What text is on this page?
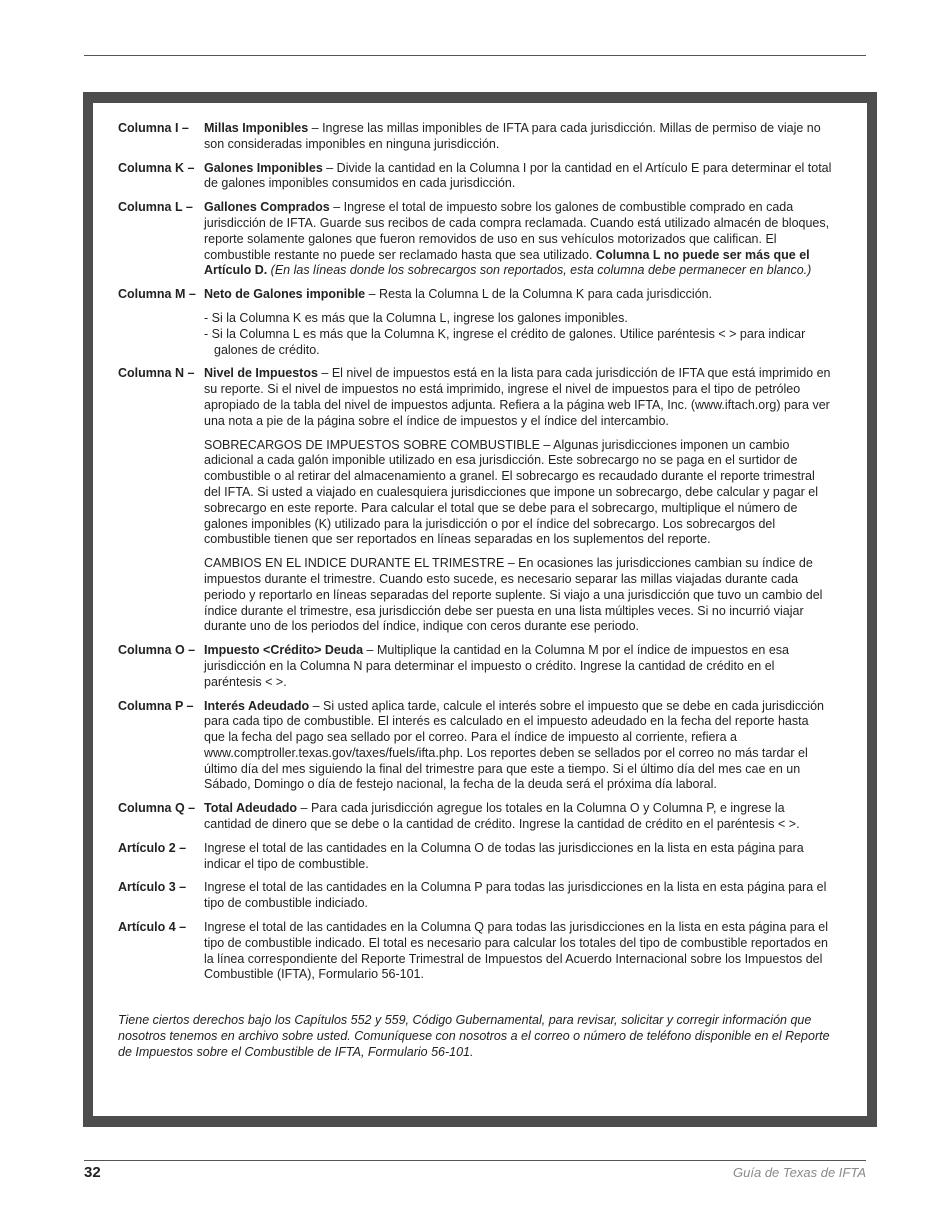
Columna I –	Millas Imponibles – Ingrese las millas imponibles de IFTA para cada jurisdicción. Millas de permiso de viaje no son consideradas imponibles en ninguna jurisdicción.
Columna K – Galones Imponibles – Divide la cantidad en la Columna I por la cantidad en el Artículo E para determinar el total de galones imponibles consumidos en cada jurisdicción.
Columna L – Gallones Comprados – Ingrese el total de impuesto sobre los galones de combustible comprado en cada jurisdicción de IFTA. Guarde sus recibos de cada compra reclamada. Cuando está utilizado almacén de bloques, reporte solamente galones que fueron removidos de uso en sus vehículos motorizados que califican. El combustible restante no puede ser reclamado hasta que sea utilizado. Columna L no puede ser más que el Artículo D. (En las líneas donde los sobrecargos son reportados, esta columna debe permanecer en blanco.)
Columna M – Neto de Galones imponible – Resta la Columna L de la Columna K para cada jurisdicción.
- Si la Columna K es más que la Columna L, ingrese los galones imponibles.
- Si la Columna L es más que la Columna K, ingrese el crédito de galones. Utilice paréntesis < > para indicar galones de crédito.
Columna N – Nivel de Impuestos – El nivel de impuestos está en la lista para cada jurisdicción de IFTA que está imprimido en su reporte. Si el nivel de impuestos no está imprimido, ingrese el nivel de impuestos para el tipo de petróleo apropiado de la tabla del nivel de impuestos adjunta. Refiera a la página web IFTA, Inc. (www.iftach.org) para ver una nota a pie de la página sobre el índice de impuestos y el índice del intercambio.
SOBRECARGOS DE IMPUESTOS SOBRE COMBUSTIBLE – Algunas jurisdicciones imponen un cambio adicional a cada galón imponible utilizado en esa jurisdicción. Este sobrecargo no se paga en el surtidor de combustible o al retirar del almacenamiento a granel. El sobrecargo es recaudado durante el reporte trimestral del IFTA. Si usted a viajado en cualesquiera jurisdicciones que impone un sobrecargo, debe calcular y pagar el sobrecargo en este reporte. Para calcular el total que se debe para el sobrecargo, multiplique el número de galones imponibles (K) utilizado para la jurisdicción o por el índice del sobrecargo. Los sobrecargos del combustible tienen que ser reportados en líneas separadas en los suplementos del reporte.
CAMBIOS EN EL INDICE DURANTE EL TRIMESTRE – En ocasiones las jurisdicciones cambian su índice de impuestos durante el trimestre. Cuando esto sucede, es necesario separar las millas viajadas durante cada periodo y reportarlo en líneas separadas del reporte suplente. Si viajo a una jurisdicción que tuvo un cambio del índice durante el trimestre, esa jurisdicción debe ser puesta en una lista múltiples veces. Si no incurrió viajar durante uno de los periodos del índice, indique con ceros durante ese periodo.
Columna O – Impuesto <Crédito> Deuda – Multiplique la cantidad en la Columna M por el índice de impuestos en esa jurisdicción en la Columna N para determinar el impuesto o crédito. Ingrese la cantidad de crédito en el paréntesis < >.
Columna P – Interés Adeudado – Si usted aplica tarde, calcule el interés sobre el impuesto que se debe en cada jurisdicción para cada tipo de combustible. El interés es calculado en el impuesto adeudado en la fecha del reporte hasta que la fecha del pago sea sellado por el correo. Para el índice de impuesto al corriente, refiera a www.comptroller.texas.gov/taxes/fuels/ifta.php. Los reportes deben se sellados por el correo no más tardar el último día del mes siguiendo la final del trimestre para que este a tiempo. Si el último día del mes cae en un Sábado, Domingo o día de festejo nacional, la fecha de la deuda será el próxima día laboral.
Columna Q – Total Adeudado – Para cada jurisdicción agregue los totales en la Columna O y Columna P, e ingrese la cantidad de dinero que se debe o la cantidad de crédito. Ingrese la cantidad de crédito en el paréntesis < >.
Artículo 2 –	Ingrese el total de las cantidades en la Columna O de todas las jurisdicciones en la lista en esta página para indicar el tipo de combustible.
Artículo 3 –	Ingrese el total de las cantidades en la Columna P para todas las jurisdicciones en la lista en esta página para el tipo de combustible indiciado.
Artículo 4 –	Ingrese el total de las cantidades en la Columna Q para todas las jurisdicciones en la lista en esta página para el tipo de combustible indicado. El total es necesario para calcular los totales del tipo de combustible reportados en la línea correspondiente del Reporte Trimestral de Impuestos del Acuerdo Internacional sobre los Impuestos del Combustible (IFTA), Formulario 56-101.
Tiene ciertos derechos bajo los Capítulos 552 y 559, Código Gubernamental, para revisar, solicitar y corregir información que nosotros tenemos en archivo sobre usted. Comuníquese con nosotros a el correo o número de teléfono disponible en el Reporte de Impuestos sobre el Combustible de IFTA, Formulario 56-101.
32	Guía de Texas de IFTA
